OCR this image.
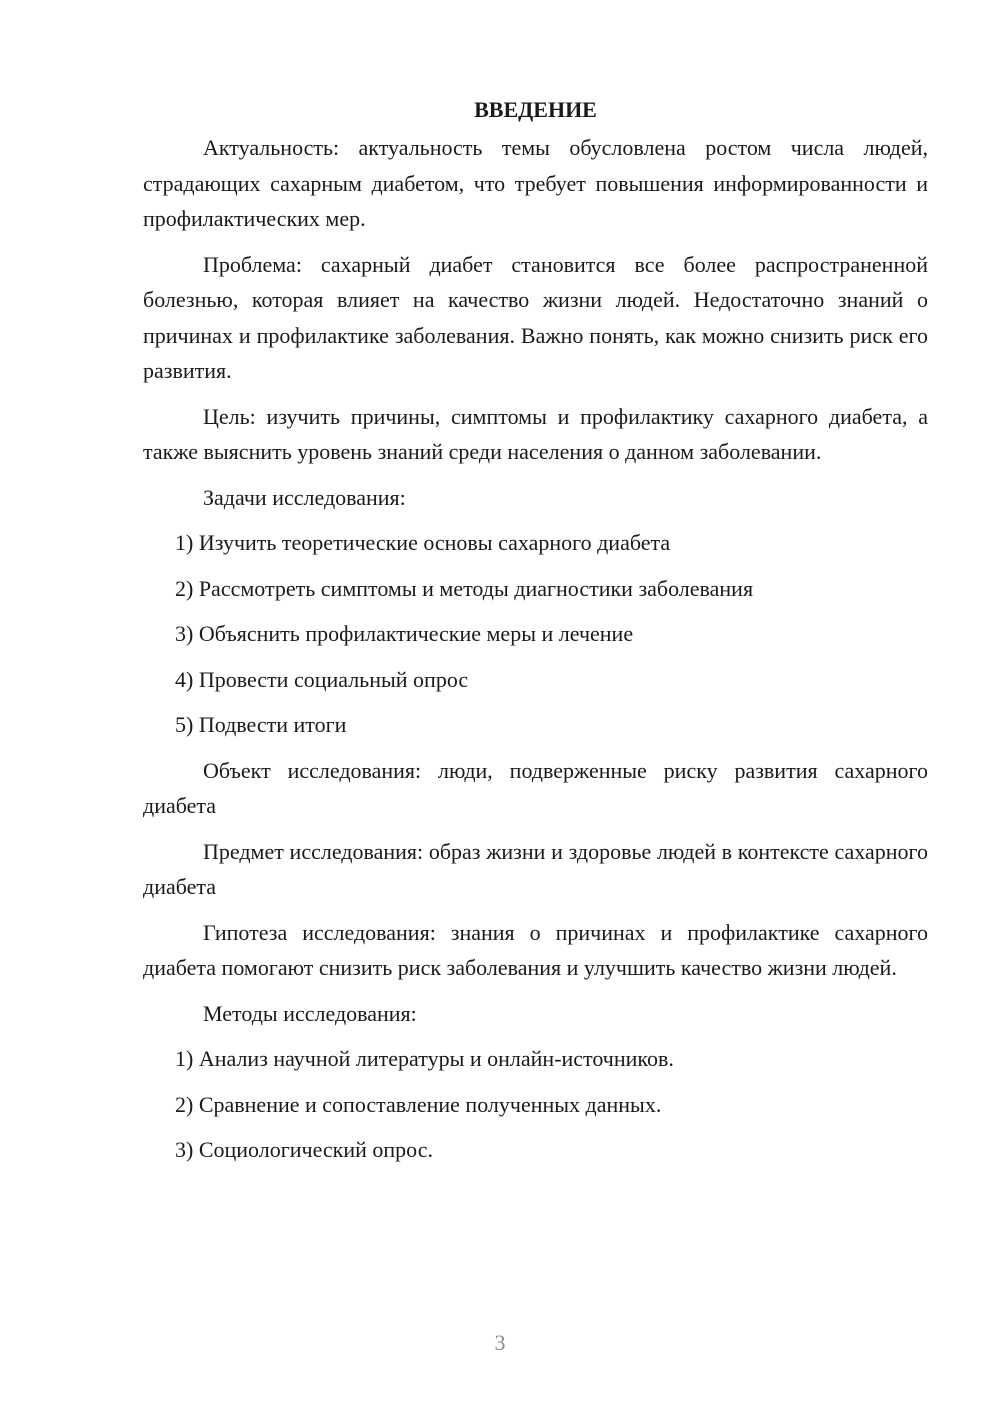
ВВЕДЕНИЕ

Актуальность: актуальность темы обусловлена ростом числа людей, страдающих сахарным диабетом, что требует повышения информированности и профилактических мер.

Проблема: сахарный диабет становится все более распространенной болезнью, которая влияет на качество жизни людей. Недостаточно знаний о причинах и профилактике заболевания. Важно понять, как можно снизить риск его развития.

Цель: изучить причины, симптомы и профилактику сахарного диабета, а также выяснить уровень знаний среди населения о данном заболевании.

Задачи исследования:
1) Изучить теоретические основы сахарного диабета
2) Рассмотреть симптомы и методы диагностики заболевания
3) Объяснить профилактические меры и лечение
4) Провести социальный опрос
5) Подвести итоги

Объект исследования: люди, подверженные риску развития сахарного диабета

Предмет исследования: образ жизни и здоровье людей в контексте сахарного диабета

Гипотеза исследования: знания о причинах и профилактике сахарного диабета помогают снизить риск заболевания и улучшить качество жизни людей.

Методы исследования:
1) Анализ научной литературы и онлайн-источников.
2) Сравнение и сопоставление полученных данных.
3) Социологический опрос.
3
